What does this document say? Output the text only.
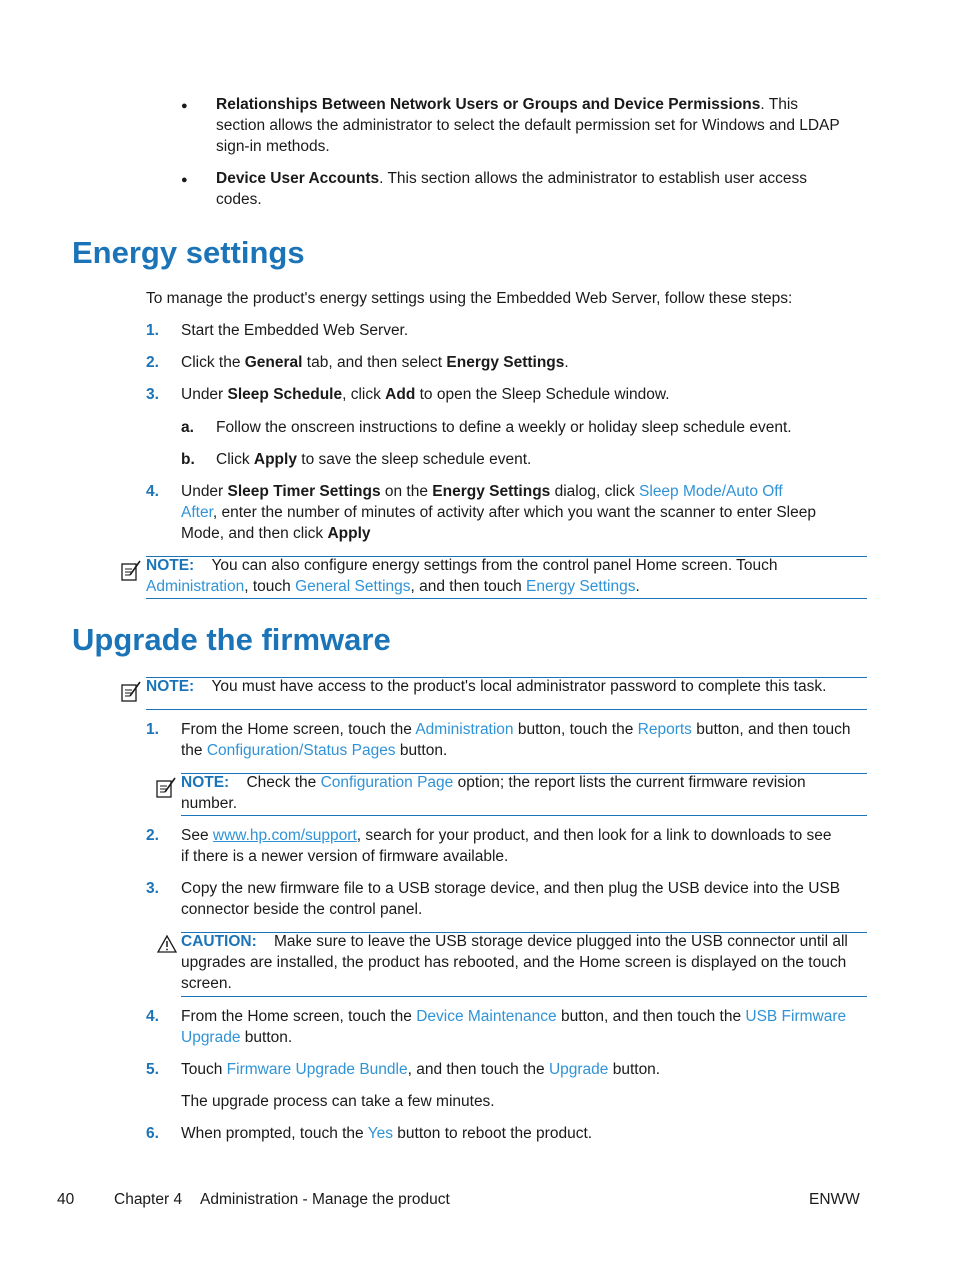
● Relationships Between Network Users or Groups and Device Permissions. This
section allows the administrator to select the default permission set for Windows and LDAP
sign-in methods.
● Device User Accounts. This section allows the administrator to establish user access
codes.
Energy settings
To manage the product's energy settings using the Embedded Web Server, follow these steps:
1. Start the Embedded Web Server.
2. Click the General tab, and then select Energy Settings.
3. Under Sleep Schedule, click Add to open the Sleep Schedule window.
a. Follow the onscreen instructions to define a weekly or holiday sleep schedule event.
b. Click Apply to save the sleep schedule event.
4. Under Sleep Timer Settings on the Energy Settings dialog, click Sleep Mode/Auto Off
After, enter the number of minutes of activity after which you want the scanner to enter Sleep
Mode, and then click Apply
NOTE: You can also configure energy settings from the control panel Home screen. Touch
Administration, touch General Settings, and then touch Energy Settings.
Upgrade the firmware
NOTE: You must have access to the product's local administrator password to complete this task.
1. From the Home screen, touch the Administration button, touch the Reports button, and then touch
the Configuration/Status Pages button.
NOTE: Check the Configuration Page option; the report lists the current firmware revision
number.
2. See www.hp.com/support, search for your product, and then look for a link to downloads to see
if there is a newer version of firmware available.
3. Copy the new firmware file to a USB storage device, and then plug the USB device into the USB
connector beside the control panel.
CAUTION: Make sure to leave the USB storage device plugged into the USB connector until all
upgrades are installed, the product has rebooted, and the Home screen is displayed on the touch
screen.
4. From the Home screen, touch the Device Maintenance button, and then touch the USB Firmware
Upgrade button.
5. Touch Firmware Upgrade Bundle, and then touch the Upgrade button.
The upgrade process can take a few minutes.
6. When prompted, touch the Yes button to reboot the product.
40	Chapter 4 Administration - Manage the product	ENWW
